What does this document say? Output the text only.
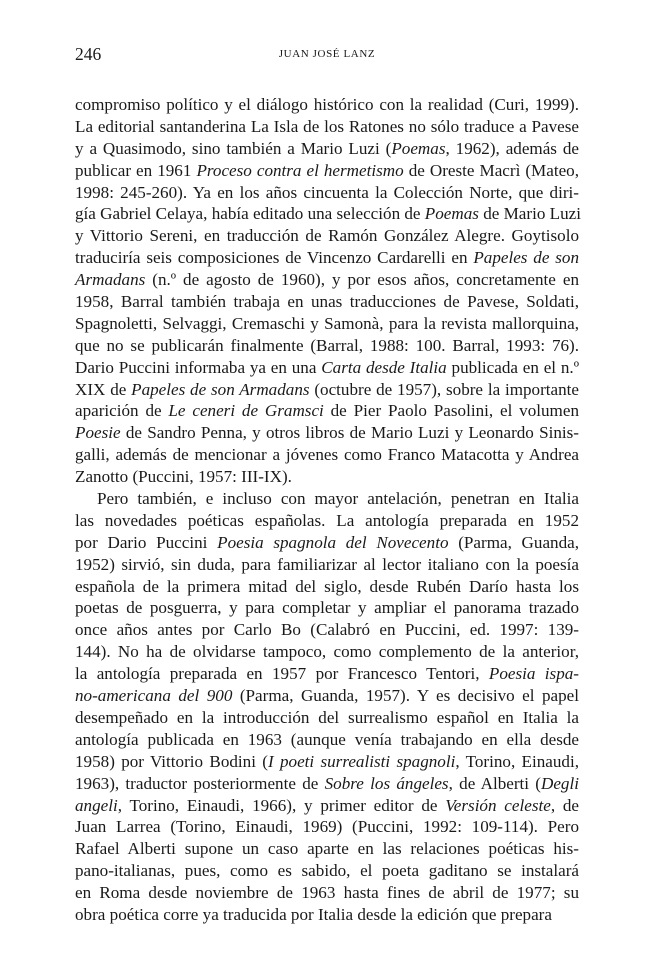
246	JUAN JOSÉ LANZ
compromiso político y el diálogo histórico con la realidad (Curi, 1999).
La editorial santanderina La Isla de los Ratones no sólo traduce a Pavese
y a Quasimodo, sino también a Mario Luzi (Poemas, 1962), además de
publicar en 1961 Proceso contra el hermetismo de Oreste Macrì (Mateo,
1998: 245-260). Ya en los años cincuenta la Colección Norte, que diri-
gía Gabriel Celaya, había editado una selección de Poemas de Mario Luzi
y Vittorio Sereni, en traducción de Ramón González Alegre. Goytisolo
traduciría seis composiciones de Vincenzo Cardarelli en Papeles de son
Armadans (n.º de agosto de 1960), y por esos años, concretamente en
1958, Barral también trabaja en unas traducciones de Pavese, Soldati,
Spagnoletti, Selvaggi, Cremaschi y Samonà, para la revista mallorquina,
que no se publicarán finalmente (Barral, 1988: 100. Barral, 1993: 76).
Dario Puccini informaba ya en una Carta desde Italia publicada en el n.º
XIX de Papeles de son Armadans (octubre de 1957), sobre la importante
aparición de Le ceneri de Gramsci de Pier Paolo Pasolini, el volumen
Poesie de Sandro Penna, y otros libros de Mario Luzi y Leonardo Sinis-
galli, además de mencionar a jóvenes como Franco Matacotta y Andrea
Zanotto (Puccini, 1957: III-IX).
Pero también, e incluso con mayor antelación, penetran en Italia
las novedades poéticas españolas. La antología preparada en 1952
por Dario Puccini Poesia spagnola del Novecento (Parma, Guanda,
1952) sirvió, sin duda, para familiarizar al lector italiano con la poesía
española de la primera mitad del siglo, desde Rubén Darío hasta los
poetas de posguerra, y para completar y ampliar el panorama trazado
once años antes por Carlo Bo (Calabró en Puccini, ed. 1997: 139-
144). No ha de olvidarse tampoco, como complemento de la anterior,
la antología preparada en 1957 por Francesco Tentori, Poesia ispa-
no-americana del 900 (Parma, Guanda, 1957). Y es decisivo el papel
desempeñado en la introducción del surrealismo español en Italia la
antología publicada en 1963 (aunque venía trabajando en ella desde
1958) por Vittorio Bodini (I poeti surrealisti spagnoli, Torino, Einaudi,
1963), traductor posteriormente de Sobre los ángeles, de Alberti (Degli
angeli, Torino, Einaudi, 1966), y primer editor de Versión celeste, de
Juan Larrea (Torino, Einaudi, 1969) (Puccini, 1992: 109-114). Pero
Rafael Alberti supone un caso aparte en las relaciones poéticas his-
pano-italianas, pues, como es sabido, el poeta gaditano se instalará
en Roma desde noviembre de 1963 hasta fines de abril de 1977; su
obra poética corre ya traducida por Italia desde la edición que prepara
